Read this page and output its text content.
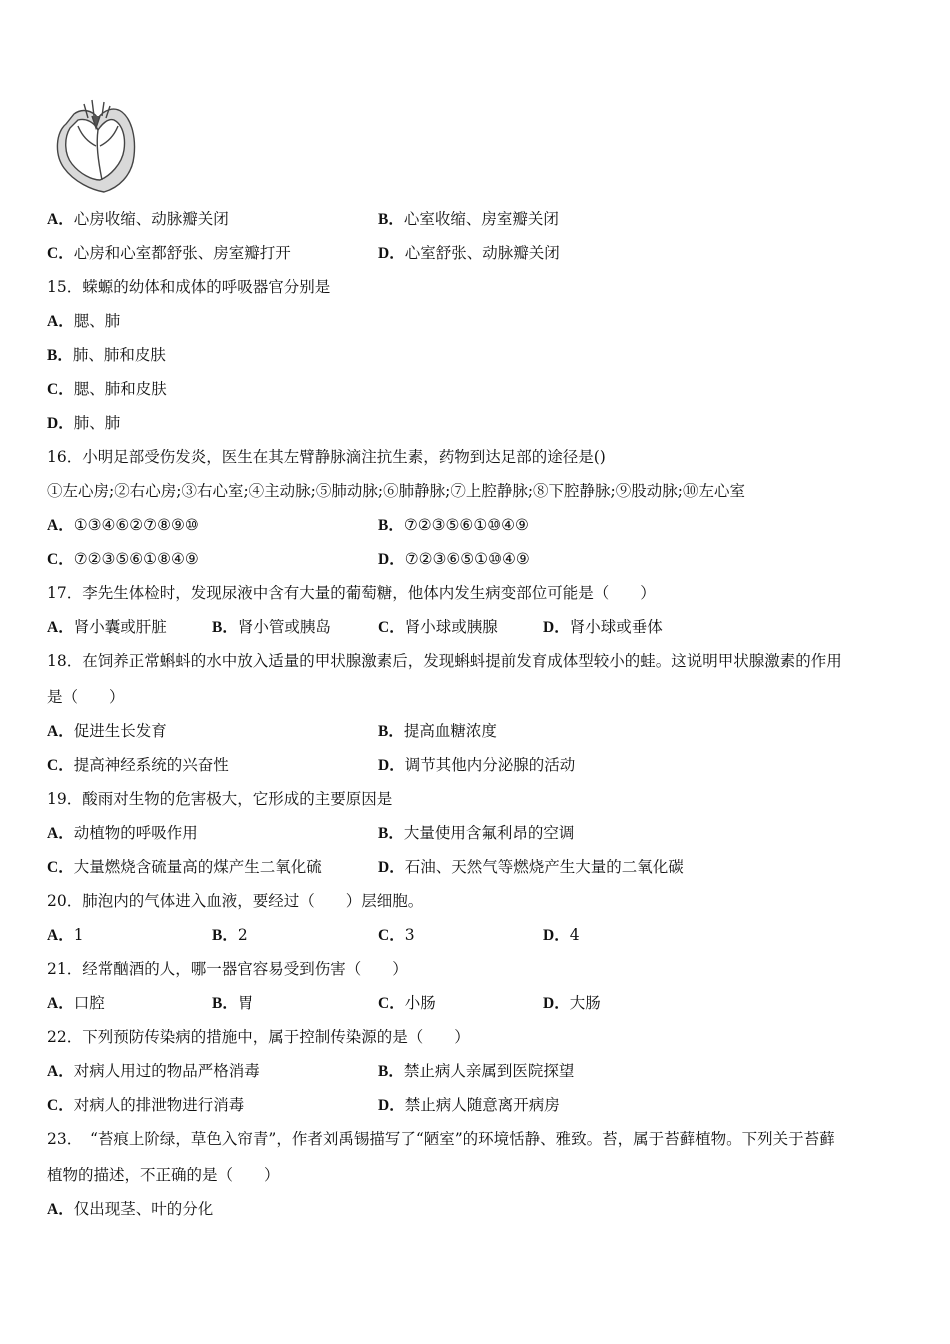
A．心房收缩、动脉瓣关闭	B．心室收缩、房室瓣关闭
C．心房和心室都舒张、房室瓣打开	D．心室舒张、动脉瓣关闭
15．蝾螈的幼体和成体的呼吸器官分别是
A．腮、肺
B．肺、肺和皮肤
C．腮、肺和皮肤
D．肺、肺
16．小明足部受伤发炎，医生在其左臂静脉滴注抗生素，药物到达足部的途径是()
①左心房;②右心房;③右心室;④主动脉;⑤肺动脉;⑥肺静脉;⑦上腔静脉;⑧下腔静脉;⑨股动脉;⑩左心室
A．①③④⑥②⑦⑧⑨⑩	B．⑦②③⑤⑥①⑩④⑨
C．⑦②③⑤⑥①⑧④⑨	D．⑦②③⑥⑤①⑩④⑨
17．李先生体检时，发现尿液中含有大量的葡萄糖，他体内发生病变部位可能是（　　）
A．肾小囊或肝脏	B．肾小管或胰岛	C．肾小球或胰腺	D．肾小球或垂体
18．在饲养正常蝌蚪的水中放入适量的甲状腺激素后，发现蝌蚪提前发育成体型较小的蛙。这说明甲状腺激素的作用
是（　　）
A．促进生长发育	B．提高血糖浓度
C．提高神经系统的兴奋性	D．调节其他内分泌腺的活动
19．酸雨对生物的危害极大，它形成的主要原因是
A．动植物的呼吸作用	B．大量使用含氟利昂的空调
C．大量燃烧含硫量高的煤产生二氧化硫	D．石油、天然气等燃烧产生大量的二氧化碳
20．肺泡内的气体进入血液，要经过（　　）层细胞。
A．1	B．2	C．3	D．4
21．经常酗酒的人，哪一器官容易受到伤害（　　）
A．口腔	B．胃	C．小肠	D．大肠
22．下列预防传染病的措施中，属于控制传染源的是（　　）
A．对病人用过的物品严格消毒	B．禁止病人亲属到医院探望
C．对病人的排泄物进行消毒	D．禁止病人随意离开病房
23．　“苔痕上阶绿，草色入帘青”，作者刘禹锡描写了“陋室”的环境恬静、雅致。苔，属于苔藓植物。下列关于苔藓
植物的描述，不正确的是（　　）
A．仅出现茎、叶的分化
